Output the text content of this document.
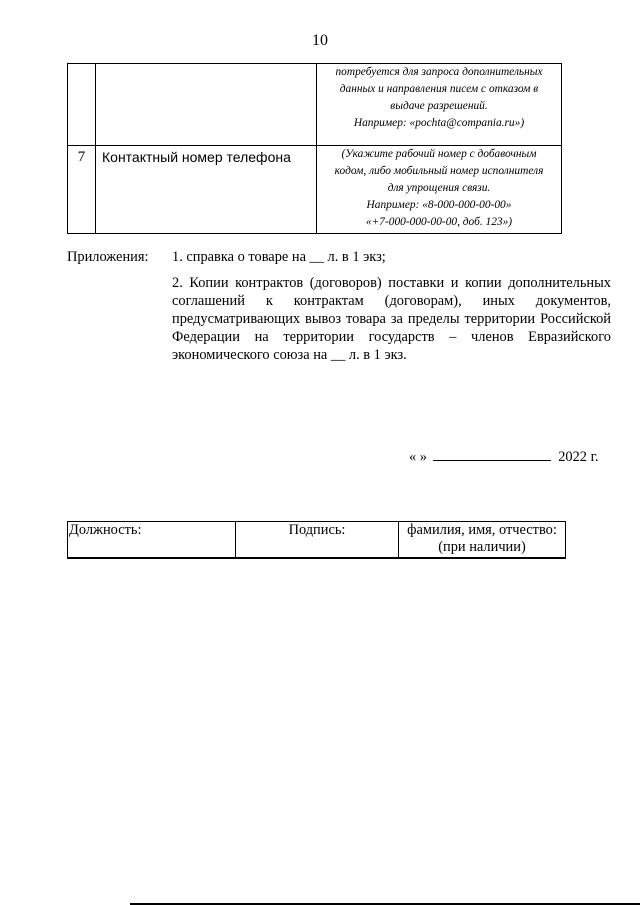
10

		потребуется для запроса дополнительных
данных и направления писем с отказом в
выдаче разрешений.
Например: «pochta@compania.ru»)

7	Контактный номер телефона	(Укажите рабочий номер с добавочным
кодом, либо мобильный номер исполнителя
для упрощения связи.
Например: «8-000-000-00-00»
«+7-000-000-00-00, доб. 123»)
Приложения: 1. справка о товаре на __ л. в 1 экз;
2. Копии контрактов (договоров) поставки и копии дополнительных соглашений к контрактам (договорам), иных документов, предусматривающих вывоз товара за пределы территории Российской Федерации на территории государств – членов Евразийского экономического союза на __ л. в 1 экз.
« »	2022 г.
Должность:	Подпись:	фамилия, имя, отчество:
(при наличии)
